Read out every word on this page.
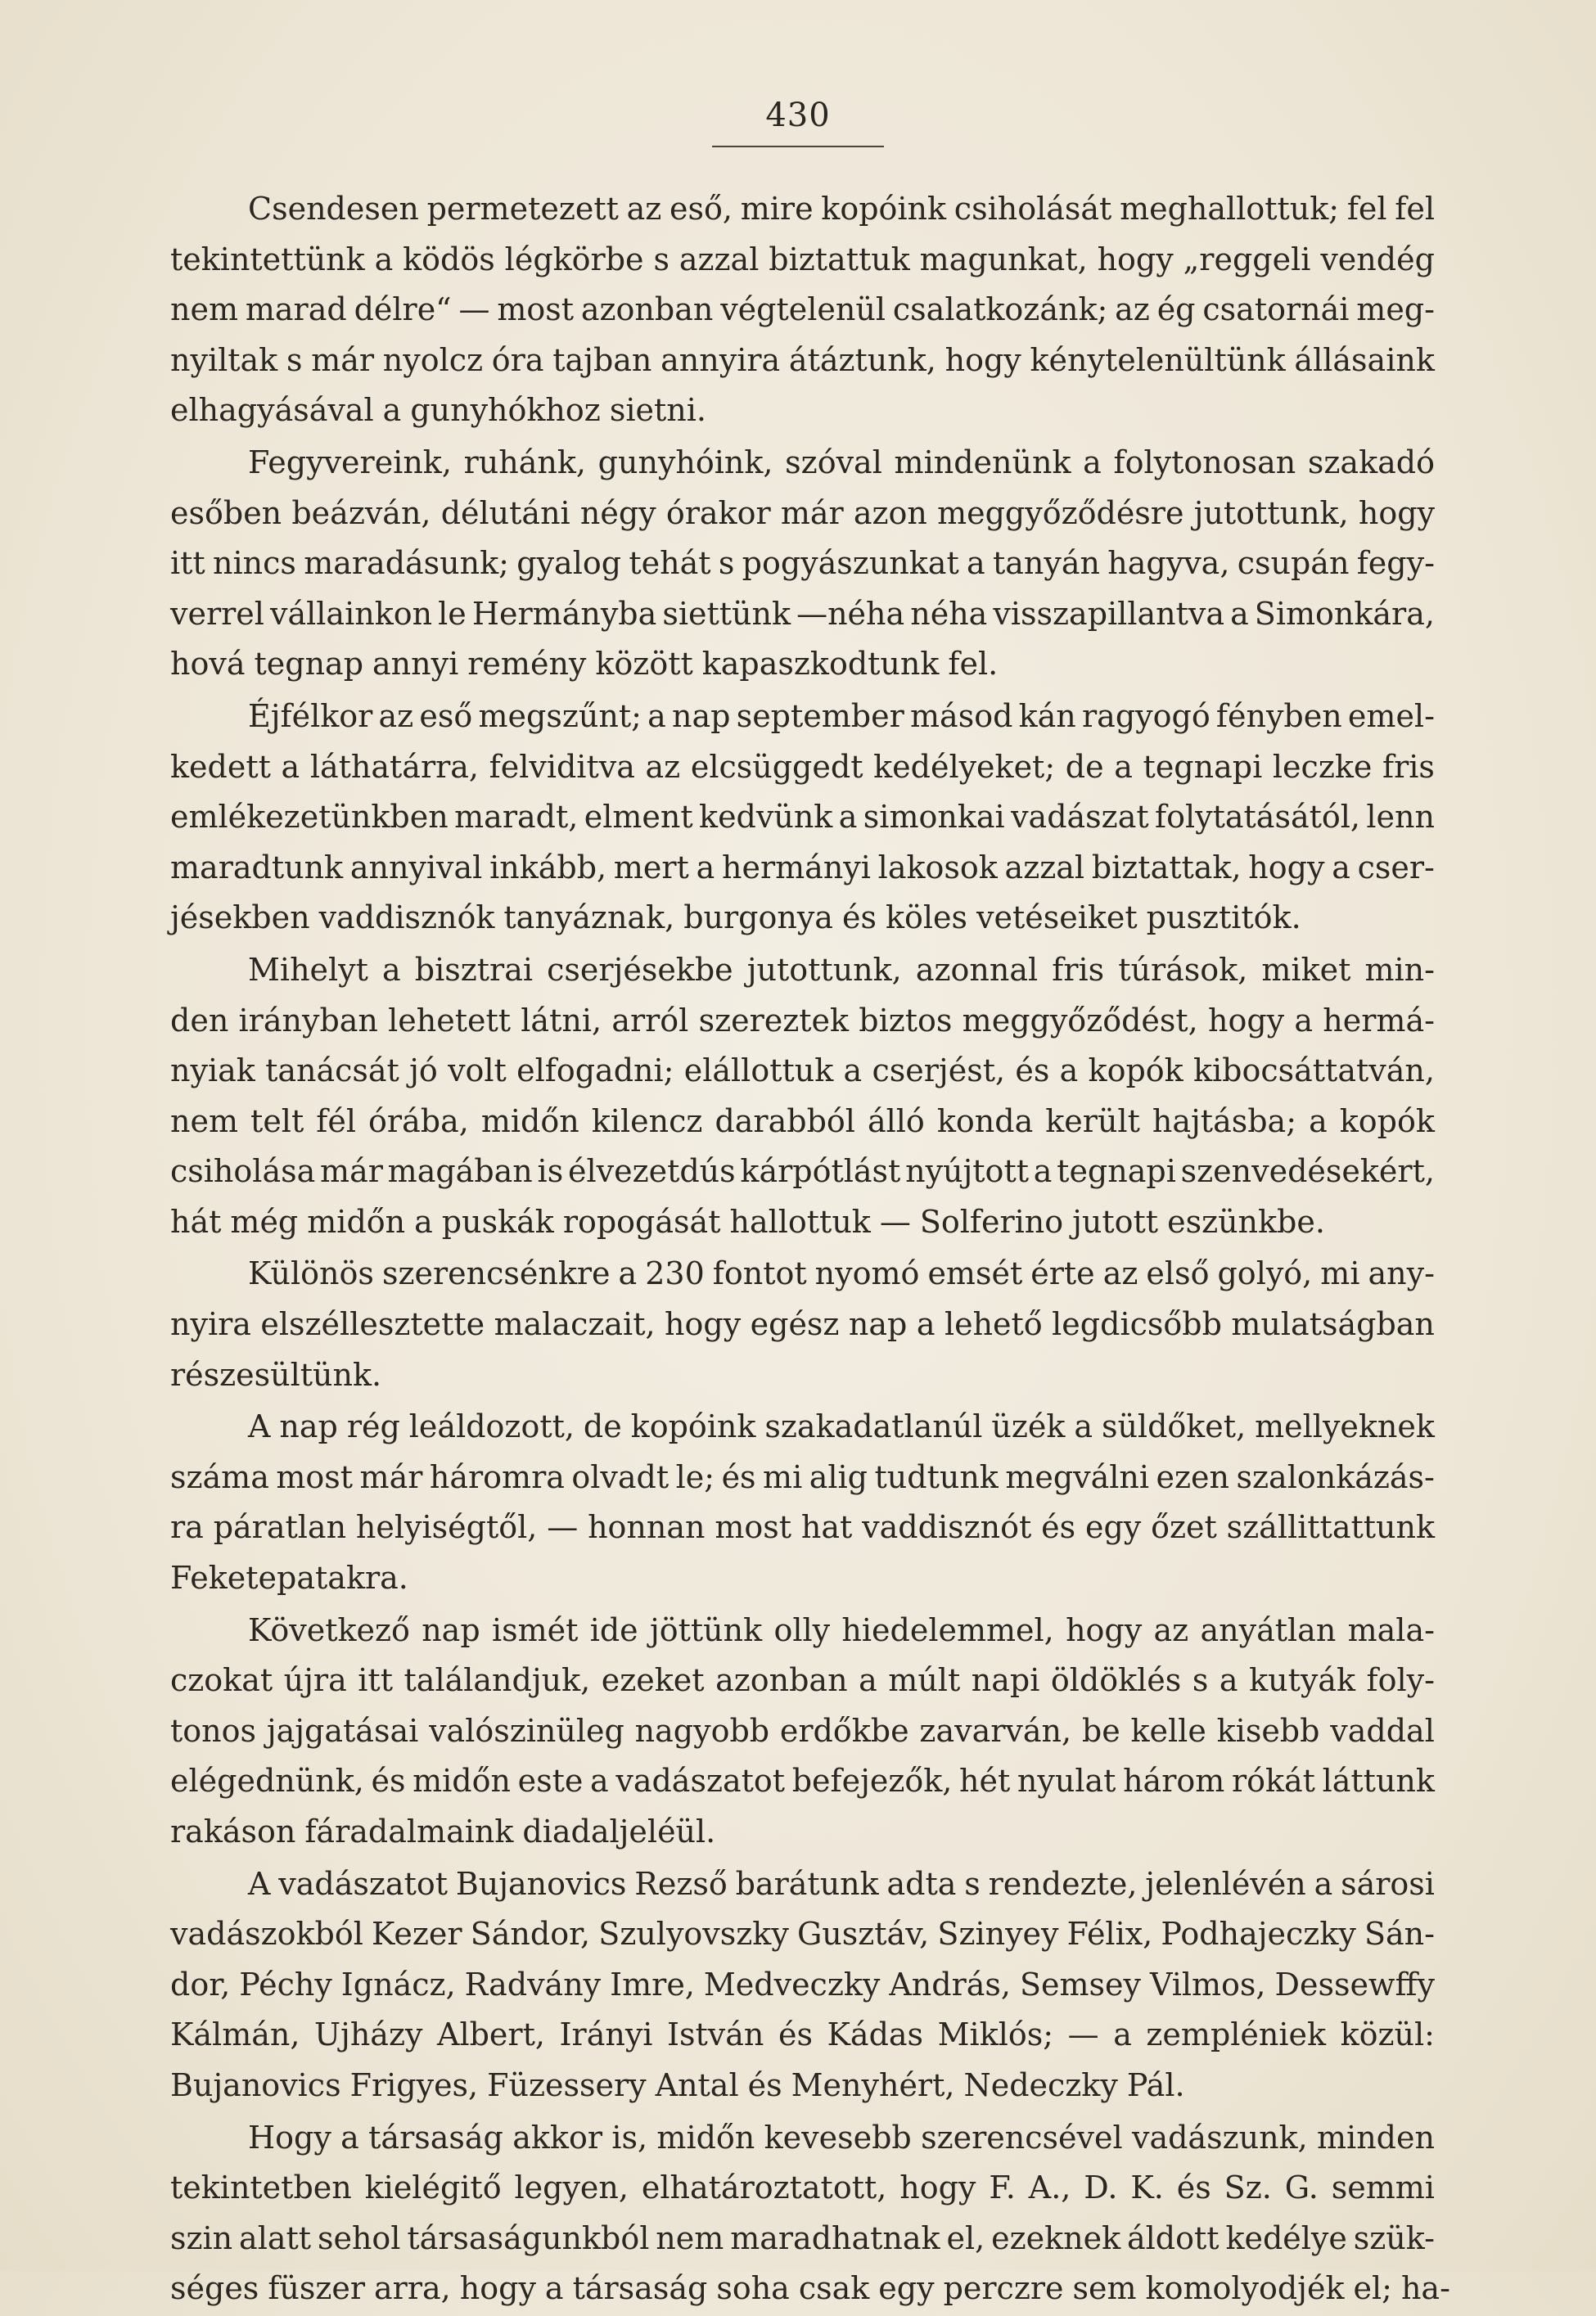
430
Csendesen permetezett az eső, mire kopóink csiholását meghallottuk; fel fel
tekintettünk a ködös légkörbe s azzal biztattuk magunkat, hogy „reggeli vendég
nem marad délre“ — most azonban végtelenül csalatkozánk; az ég csatornái meg-
nyiltak s már nyolcz óra tajban annyira átáztunk, hogy kénytelenültünk állásaink
elhagyásával a gunyhókhoz sietni.
Fegyvereink, ruhánk, gunyhóink, szóval mindenünk a folytonosan szakadó
esőben beázván, délutáni négy órakor már azon meggyőződésre jutottunk, hogy
itt nincs maradásunk; gyalog tehát s pogyászunkat a tanyán hagyva, csupán fegy-
verrel vállainkon le Hermányba siettünk —néha néha visszapillantva a Simonkára,
hová tegnap annyi remény között kapaszkodtunk fel.
Éjfélkor az eső megszűnt; a nap september másod kán ragyogó fényben emel-
kedett a láthatárra, felviditva az elcsüggedt kedélyeket; de a tegnapi leczke fris
emlékezetünkben maradt, elment kedvünk a simonkai vadászat folytatásától, lenn
maradtunk annyival inkább, mert a hermányi lakosok azzal biztattak, hogy a cser-
jésekben vaddisznók tanyáznak, burgonya és köles vetéseiket pusztitók.
Mihelyt a bisztrai cserjésekbe jutottunk, azonnal fris túrások, miket min-
den irányban lehetett látni, arról szereztek biztos meggyőződést, hogy a hermá-
nyiak tanácsát jó volt elfogadni; elállottuk a cserjést, és a kopók kibocsáttatván,
nem telt fél órába, midőn kilencz darabból álló konda került hajtásba; a kopók
csiholása már magában is élvezetdús kárpótlást nyújtott a tegnapi szenvedésekért,
hát még midőn a puskák ropogását hallottuk — Solferino jutott eszünkbe.
Különös szerencsénkre a 230 fontot nyomó emsét érte az első golyó, mi any-
nyira elszéllesztette malaczait, hogy egész nap a lehető legdicsőbb mulatságban
részesültünk.
A nap rég leáldozott, de kopóink szakadatlanúl üzék a süldőket, mellyeknek
száma most már háromra olvadt le; és mi alig tudtunk megválni ezen szalonkázás-
ra páratlan helyiségtől, — honnan most hat vaddisznót és egy őzet szállittattunk
Feketepatakra.
Következő nap ismét ide jöttünk olly hiedelemmel, hogy az anyátlan mala-
czokat újra itt találandjuk, ezeket azonban a múlt napi öldöklés s a kutyák foly-
tonos jajgatásai valószinüleg nagyobb erdőkbe zavarván, be kelle kisebb vaddal
elégednünk, és midőn este a vadászatot befejezők, hét nyulat három rókát láttunk
rakáson fáradalmaink diadaljeléül.
A vadászatot Bujanovics Rezső barátunk adta s rendezte, jelenlévén a sárosi
vadászokból Kezer Sándor, Szulyovszky Gusztáv, Szinyey Félix, Podhajeczky Sán-
dor, Péchy Ignácz, Radvány Imre, Medveczky András, Semsey Vilmos, Dessewffy
Kálmán, Ujházy Albert, Irányi István és Kádas Miklós; — a zempléniek közül:
Bujanovics Frigyes, Füzessery Antal és Menyhért, Nedeczky Pál.
Hogy a társaság akkor is, midőn kevesebb szerencsével vadászunk, minden
tekintetben kielégitő legyen, elhatároztatott, hogy F. A., D. K. és Sz. G. semmi
szin alatt sehol társaságunkból nem maradhatnak el, ezeknek áldott kedélye szük-
séges füszer arra, hogy a társaság soha csak egy perczre sem komolyodjék el; ha-
